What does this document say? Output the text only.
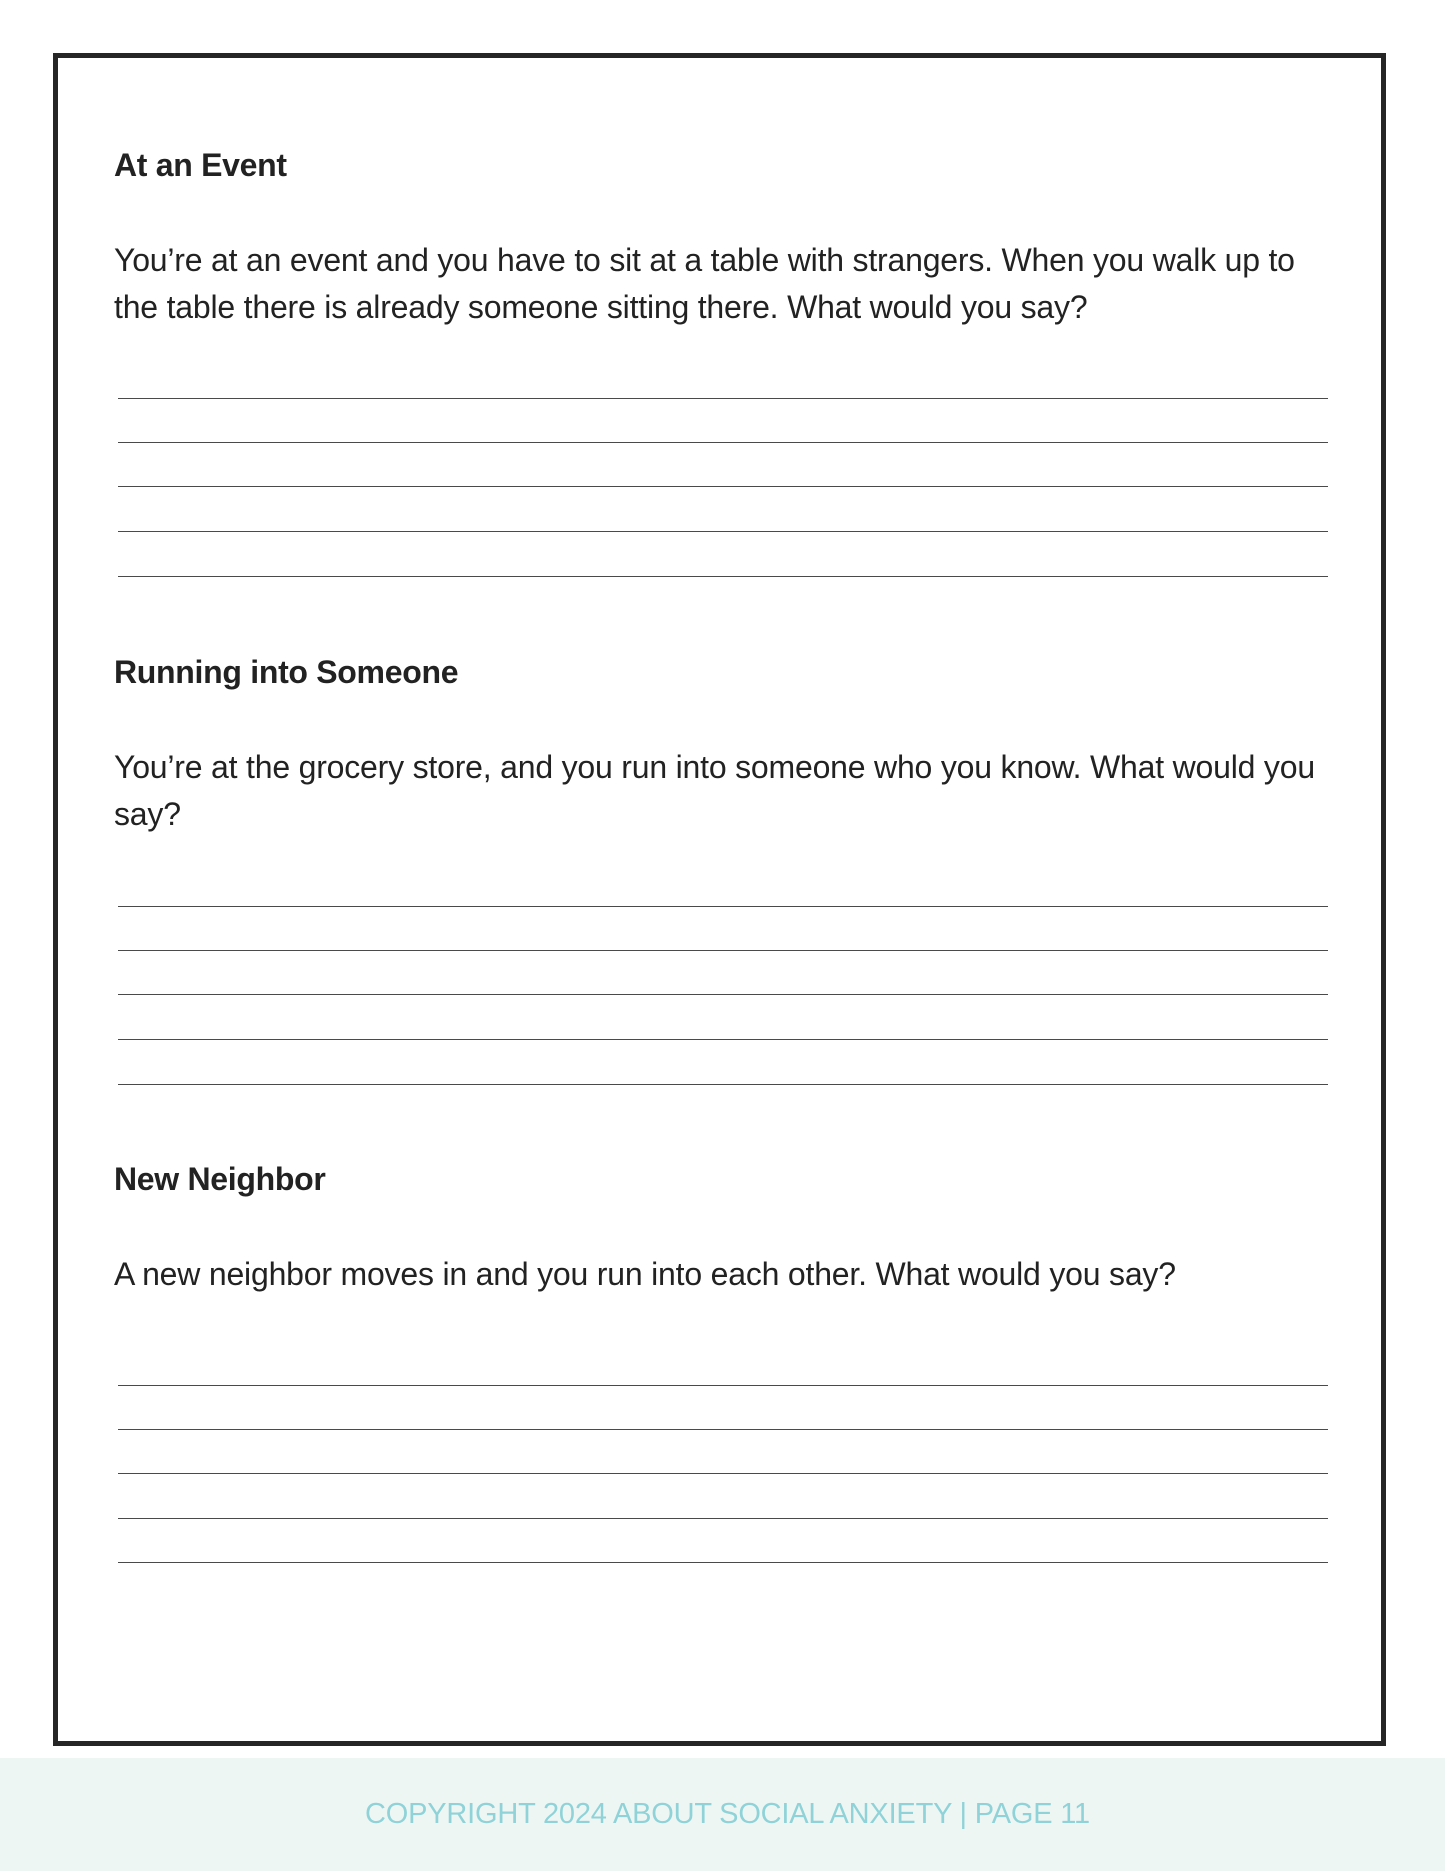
At an Event

You’re at an event and you have to sit at a table with strangers. When you walk up to the table there is already someone sitting there. What would you say?

Running into Someone

You’re at the grocery store, and you run into someone who you know. What would you say?

New Neighbor

A new neighbor moves in and you run into each other. What would you say?

COPYRIGHT 2024 ABOUT SOCIAL ANXIETY | PAGE 11
